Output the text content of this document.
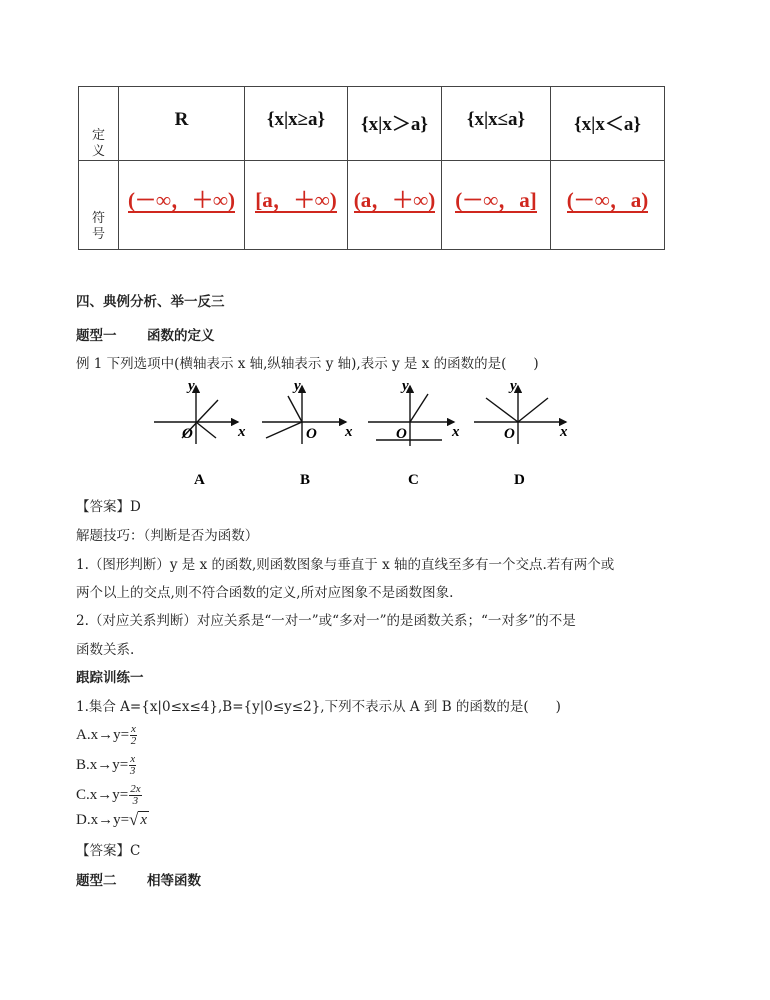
定
义	R	{x|x≥a}	{x|x＞a}	{x|x≤a}	{x|x＜a}

符
号	(－∞，＋∞)	[a，＋∞)	(a，＋∞)	(－∞，a]	(－∞，a)
四、典例分析、举一反三
题型一 函数的定义
例 1 下列选项中(横轴表示 x 轴,纵轴表示 y 轴),表示 y 是 x 的函数的是(　　)
y
x
O
A
y
x
O
B
y
x
O
C
y
x
O
D
【答案】D
解题技巧：（判断是否为函数）
1.（图形判断）y 是 x 的函数,则函数图象与垂直于 x 轴的直线至多有一个交点.若有两个或
两个以上的交点,则不符合函数的定义,所对应图象不是函数图象.
2.（对应关系判断）对应关系是“一对一”或“多对一”的是函数关系；“一对多”的不是
函数关系.
跟踪训练一
1.集合 A={x|0≤x≤4},B={y|0≤y≤2},下列不表示从 A 到 B 的函数的是(　　)
$A.x\to y= \frac{x}{2}$
$B.x\to y= \frac{x}{3}$
$C.x\to y= \frac{2x}{3}$
D.x→y= √ x
【答案】C
题型二 相等函数
